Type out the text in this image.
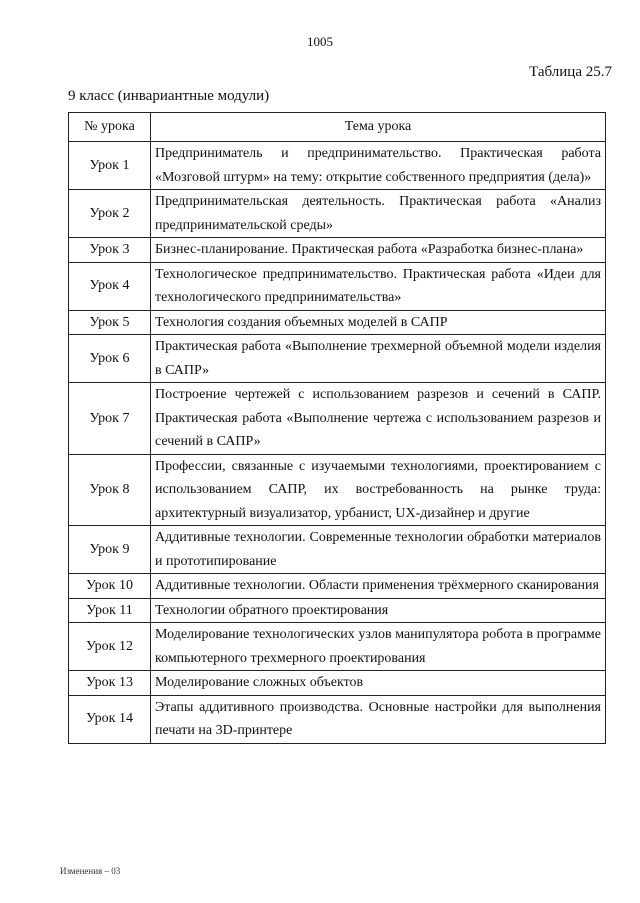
1005
Таблица 25.7
9 класс (инвариантные модули)
№ урока	Тема урока
Урок 1	Предприниматель и предпринимательство. Практическая работа «Мозговой штурм» на тему: открытие собственного предприятия (дела)»
Урок 2	Предпринимательская деятельность. Практическая работа «Анализ предпринимательской среды»
Урок 3	Бизнес-планирование. Практическая работа «Разработка бизнес-плана»
Урок 4	Технологическое предпринимательство. Практическая работа «Идеи для технологического предпринимательства»
Урок 5	Технология создания объемных моделей в САПР
Урок 6	Практическая работа «Выполнение трехмерной объемной модели изделия в САПР»
Урок 7	Построение чертежей с использованием разрезов и сечений в САПР. Практическая работа «Выполнение чертежа с использованием разрезов и сечений в САПР»
Урок 8	Профессии, связанные с изучаемыми технологиями, проектированием с использованием САПР, их востребованность на рынке труда: архитектурный визуализатор, урбанист, UX-дизайнер и другие
Урок 9	Аддитивные технологии. Современные технологии обработки материалов и прототипирование
Урок 10	Аддитивные технологии. Области применения трёхмерного сканирования
Урок 11	Технологии обратного проектирования
Урок 12	Моделирование технологических узлов манипулятора робота в программе компьютерного трехмерного проектирования
Урок 13	Моделирование сложных объектов
Урок 14	Этапы аддитивного производства. Основные настройки для выполнения печати на 3D-принтере
Изменения – 03
